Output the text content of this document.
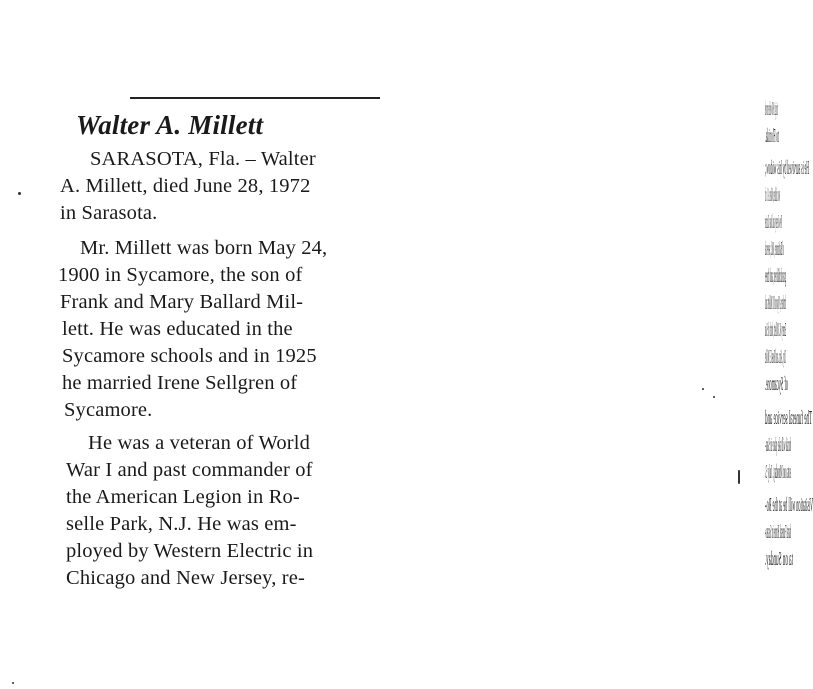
Walter A. Millett
SARASOTA, Fla. – Walter
A. Millett, died June 28, 1972
in Sarasota.
Mr. Millett was born May 24,
1900 in Sycamore, the son of
Frank and Mary Ballard Mil-
lett. He was educated in the
Sycamore schools and in 1925
he married Irene Sellgren of
Sycamore.
He was a veteran of World
War I and past commander of
the American Legion in Ro-
selle Park, N.J. He was em-
ployed by Western Electric in
Chicago and New Jersey, re-
tiring in 1960 when he moved
to Florida.
He is survived by his widow;
two children, Walter A. Jr. of
New Jersey and Joan Currier
of Baltimore, Md.; several
grandchildren; and three
brothers, Myron M. Millett and
Emery K. Millett, both of Sun
City, Ariz. and Ross E. Millet
of Sycamore.
The funeral service and
burial will take place in Sara-
sota on Monday, July 3.
Visitation will be at the Ro-
barts Funeral Home in Saraso-
ta on Sunday.
